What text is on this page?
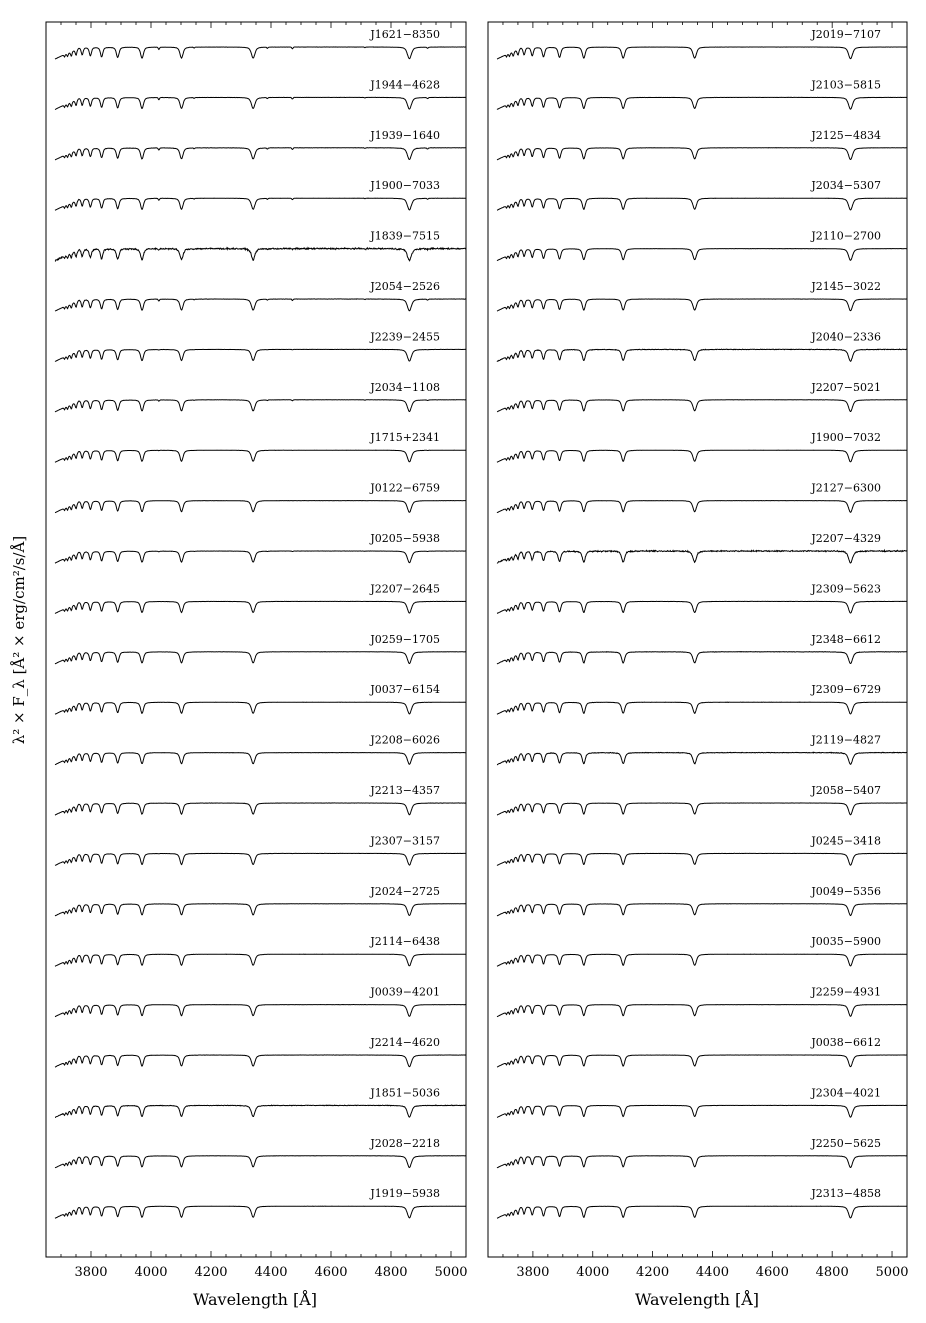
3800 4000 4200 4400 4600 4800 5000
J1621−8350
J1944−4628
J1939−1640
J1900−7033
J1839−7515
J2054−2526
J2239−2455
J2034−1108
J1715+2341
J0122−6759
J0205−5938
J2207−2645
J0259−1705
J0037−6154
J2208−6026
J2213−4357
J2307−3157
J2024−2725
J2114−6438
J0039−4201
J2214−4620
J1851−5036
J2028−2218
J1919−5938
3800 4000 4200 4400 4600 4800 5000
J2019−7107
J2103−5815
J2125−4834
J2034−5307
J2110−2700
J2145−3022
J2040−2336
J2207−5021
J1900−7032
J2127−6300
J2207−4329
J2309−5623
J2348−6612
J2309−6729
J2119−4827
J2058−5407
J0245−3418
J0049−5356
J0035−5900
J2259−4931
J0038−6612
J2304−4021
J2250−5625
J2313−4858
λ² × F_λ [Å² × erg/cm²/s/Å]
Wavelength [Å]	Wavelength [Å]
